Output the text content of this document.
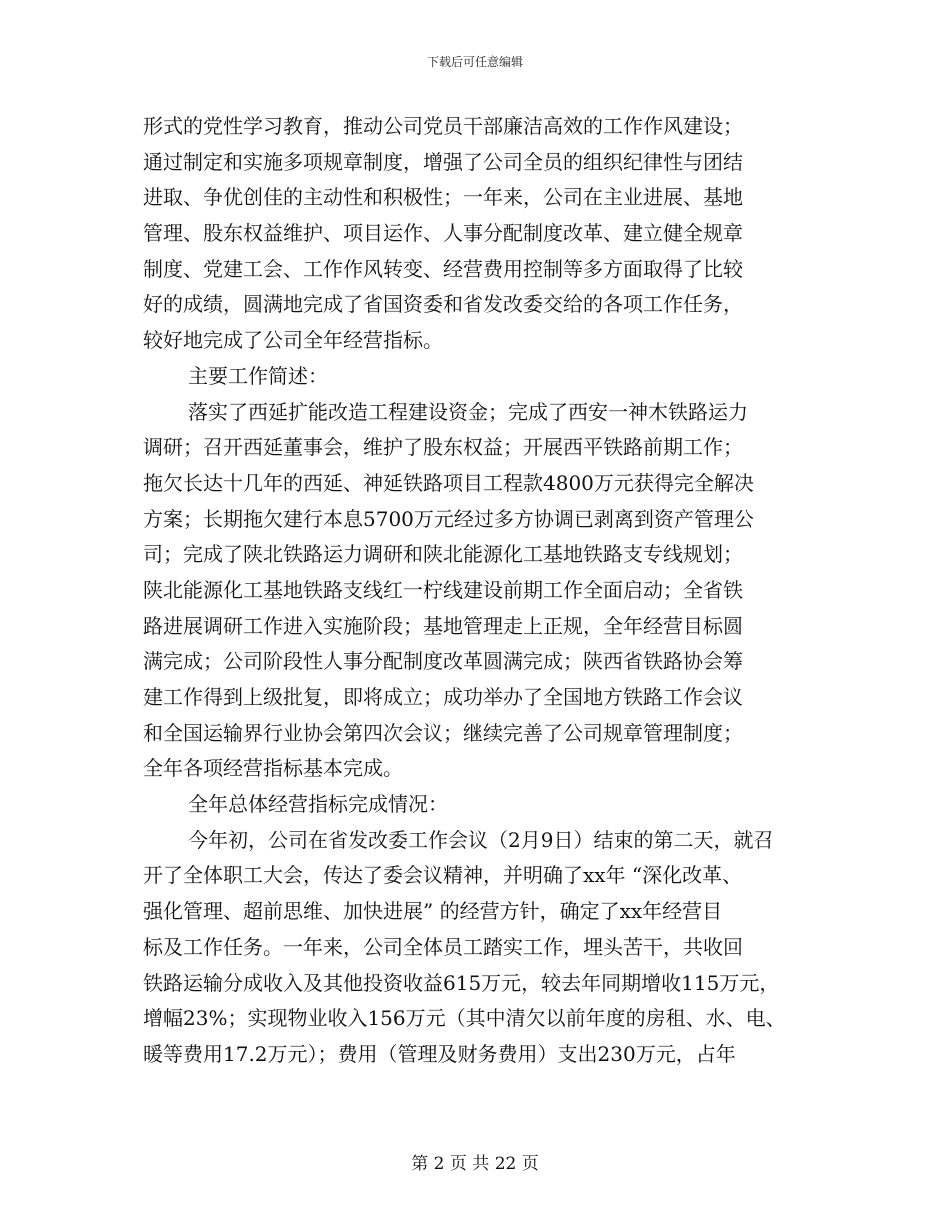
下载后可任意编辑
形式的党性学习教育，推动公司党员干部廉洁高效的工作作风建设；
通过制定和实施多项规章制度，增强了公司全员的组织纪律性与团结
进取、争优创佳的主动性和积极性；一年来，公司在主业进展、基地
管理、股东权益维护、项目运作、人事分配制度改革、建立健全规章
制度、党建工会、工作作风转变、经营费用控制等多方面取得了比较
好的成绩，圆满地完成了省国资委和省发改委交给的各项工作任务，
较好地完成了公司全年经营指标。
主要工作简述：
落实了西延扩能改造工程建设资金；完成了西安一神木铁路运力
调研；召开西延董事会，维护了股东权益；开展西平铁路前期工作；
拖欠长达十几年的西延、神延铁路项目工程款4800万元获得完全解决
方案；长期拖欠建行本息5700万元经过多方协调已剥离到资产管理公
司；完成了陕北铁路运力调研和陕北能源化工基地铁路支专线规划；
陕北能源化工基地铁路支线红一柠线建设前期工作全面启动；全省铁
路进展调研工作进入实施阶段；基地管理走上正规，全年经营目标圆
满完成；公司阶段性人事分配制度改革圆满完成；陕西省铁路协会筹
建工作得到上级批复，即将成立；成功举办了全国地方铁路工作会议
和全国运输界行业协会第四次会议；继续完善了公司规章管理制度；
全年各项经营指标基本完成。
全年总体经营指标完成情况：
今年初，公司在省发改委工作会议（2月9日）结束的第二天，就召
开了全体职工大会，传达了委会议精神，并明确了xx年 “深化改革、
强化管理、超前思维、加快进展” 的经营方针，确定了xx年经营目
标及工作任务。一年来，公司全体员工踏实工作，埋头苦干，共收回
铁路运输分成收入及其他投资收益615万元，较去年同期增收115万元，
增幅23%；实现物业收入156万元（其中清欠以前年度的房租、水、电、
暖等费用17.2万元）；费用（管理及财务费用）支出230万元，占年
第 2 页 共 22 页
